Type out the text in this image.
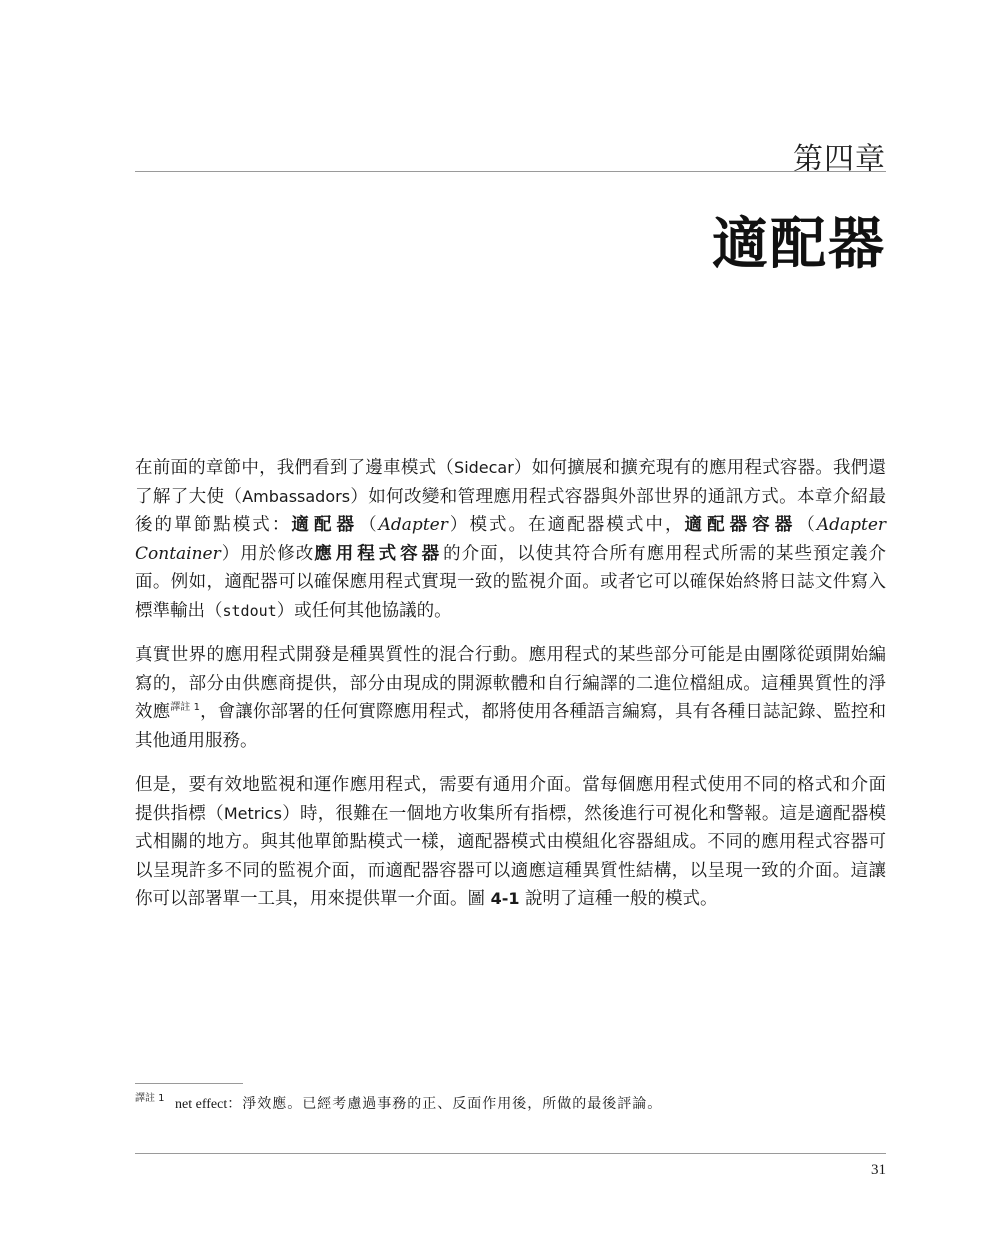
第四章
適配器

在前面的章節中，我們看到了邊車模式（Sidecar）如何擴展和擴充現有的應用程式容器。我們還了解了大使（Ambassadors）如何改變和管理應用程式容器與外部世界的通訊方式。本章介紹最後的單節點模式：適配器（Adapter）模式。在適配器模式中，適配器容器（Adapter Container）用於修改應用程式容器的介面，以使其符合所有應用程式所需的某些預定義介面。例如，適配器可以確保應用程式實現一致的監視介面。或者它可以確保始終將日誌文件寫入標準輸出（stdout）或任何其他協議的。

真實世界的應用程式開發是種異質性的混合行動。應用程式的某些部分可能是由團隊從頭開始編寫的，部分由供應商提供，部分由現成的開源軟體和自行編譯的二進位檔組成。這種異質性的淨效應$^{譯註 1}$，會讓你部署的任何實際應用程式，都將使用各種語言編寫，具有各種日誌記錄、監控和其他通用服務。

但是，要有效地監視和運作應用程式，需要有通用介面。當每個應用程式使用不同的格式和介面提供指標（Metrics）時，很難在一個地方收集所有指標，然後進行可視化和警報。這是適配器模式相關的地方。與其他單節點模式一樣，適配器模式由模組化容器組成。不同的應用程式容器可以呈現許多不同的監視介面，而適配器容器可以適應這種異質性結構，以呈現一致的介面。這讓你可以部署單一工具，用來提供單一介面。圖 4-1 說明了這種一般的模式。

譯註 1 net effect：淨效應。已經考慮過事務的正、反面作用後，所做的最後評論。
31
